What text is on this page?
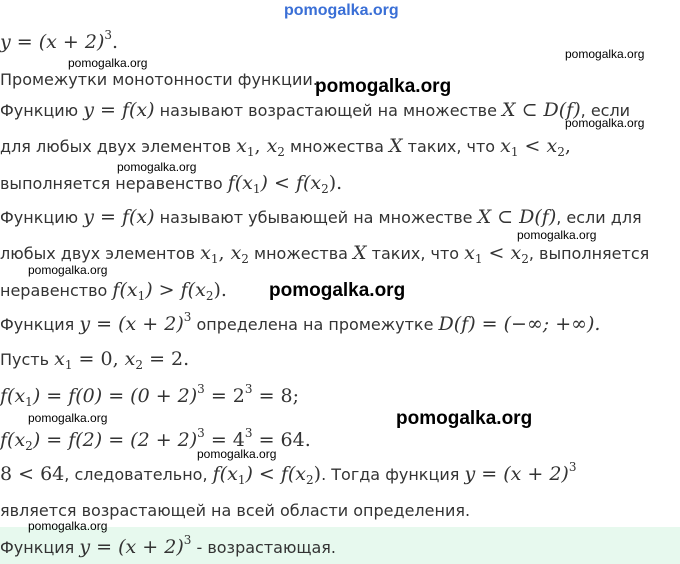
$y = (x + 2)^3$.
Промежутки монотонности функции.
Функцию y = f(x) называют возрастающей на множестве X ⊂ D(f), если
для любых двух элементов $x_1$, $x_2$ множества X таких, что $x_1 < x_2$,
выполняется неравенство $f(x_1) < f(x_2)$.
Функцию y = f(x) называют убывающей на множестве X ⊂ D(f), если для
любых двух элементов $x_1$, $x_2$ множества X таких, что $x_1 < x_2$, выполняется
неравенство $f(x_1) > f(x_2)$.
Функция $y = (x + 2)^3$ определена на промежутке D(f) = (−∞; +∞).
Пусть $x_1 = 0$, $x_2 = 2$.
$f(x_1) = f(0) = (0 + 2)^3 = 2^3 = 8$;
$f(x_2) = f(2) = (2 + 2)^3 = 4^3 = 64$.
8 < 64, следовательно, $f(x_1) < f(x_2)$. Тогда функция $y = (x + 2)^3$
является возрастающей на всей области определения.
Функция $y = (x + 2)^3$ - возрастающая.
pomogalka.org
pomogalka.org
pomogalka.org
pomogalka.org
pomogalka.org
pomogalka.org
pomogalka.org
pomogalka.org
pomogalka.org
pomogalka.org	pomogalka.org
pomogalka.org
pomogalka.org
